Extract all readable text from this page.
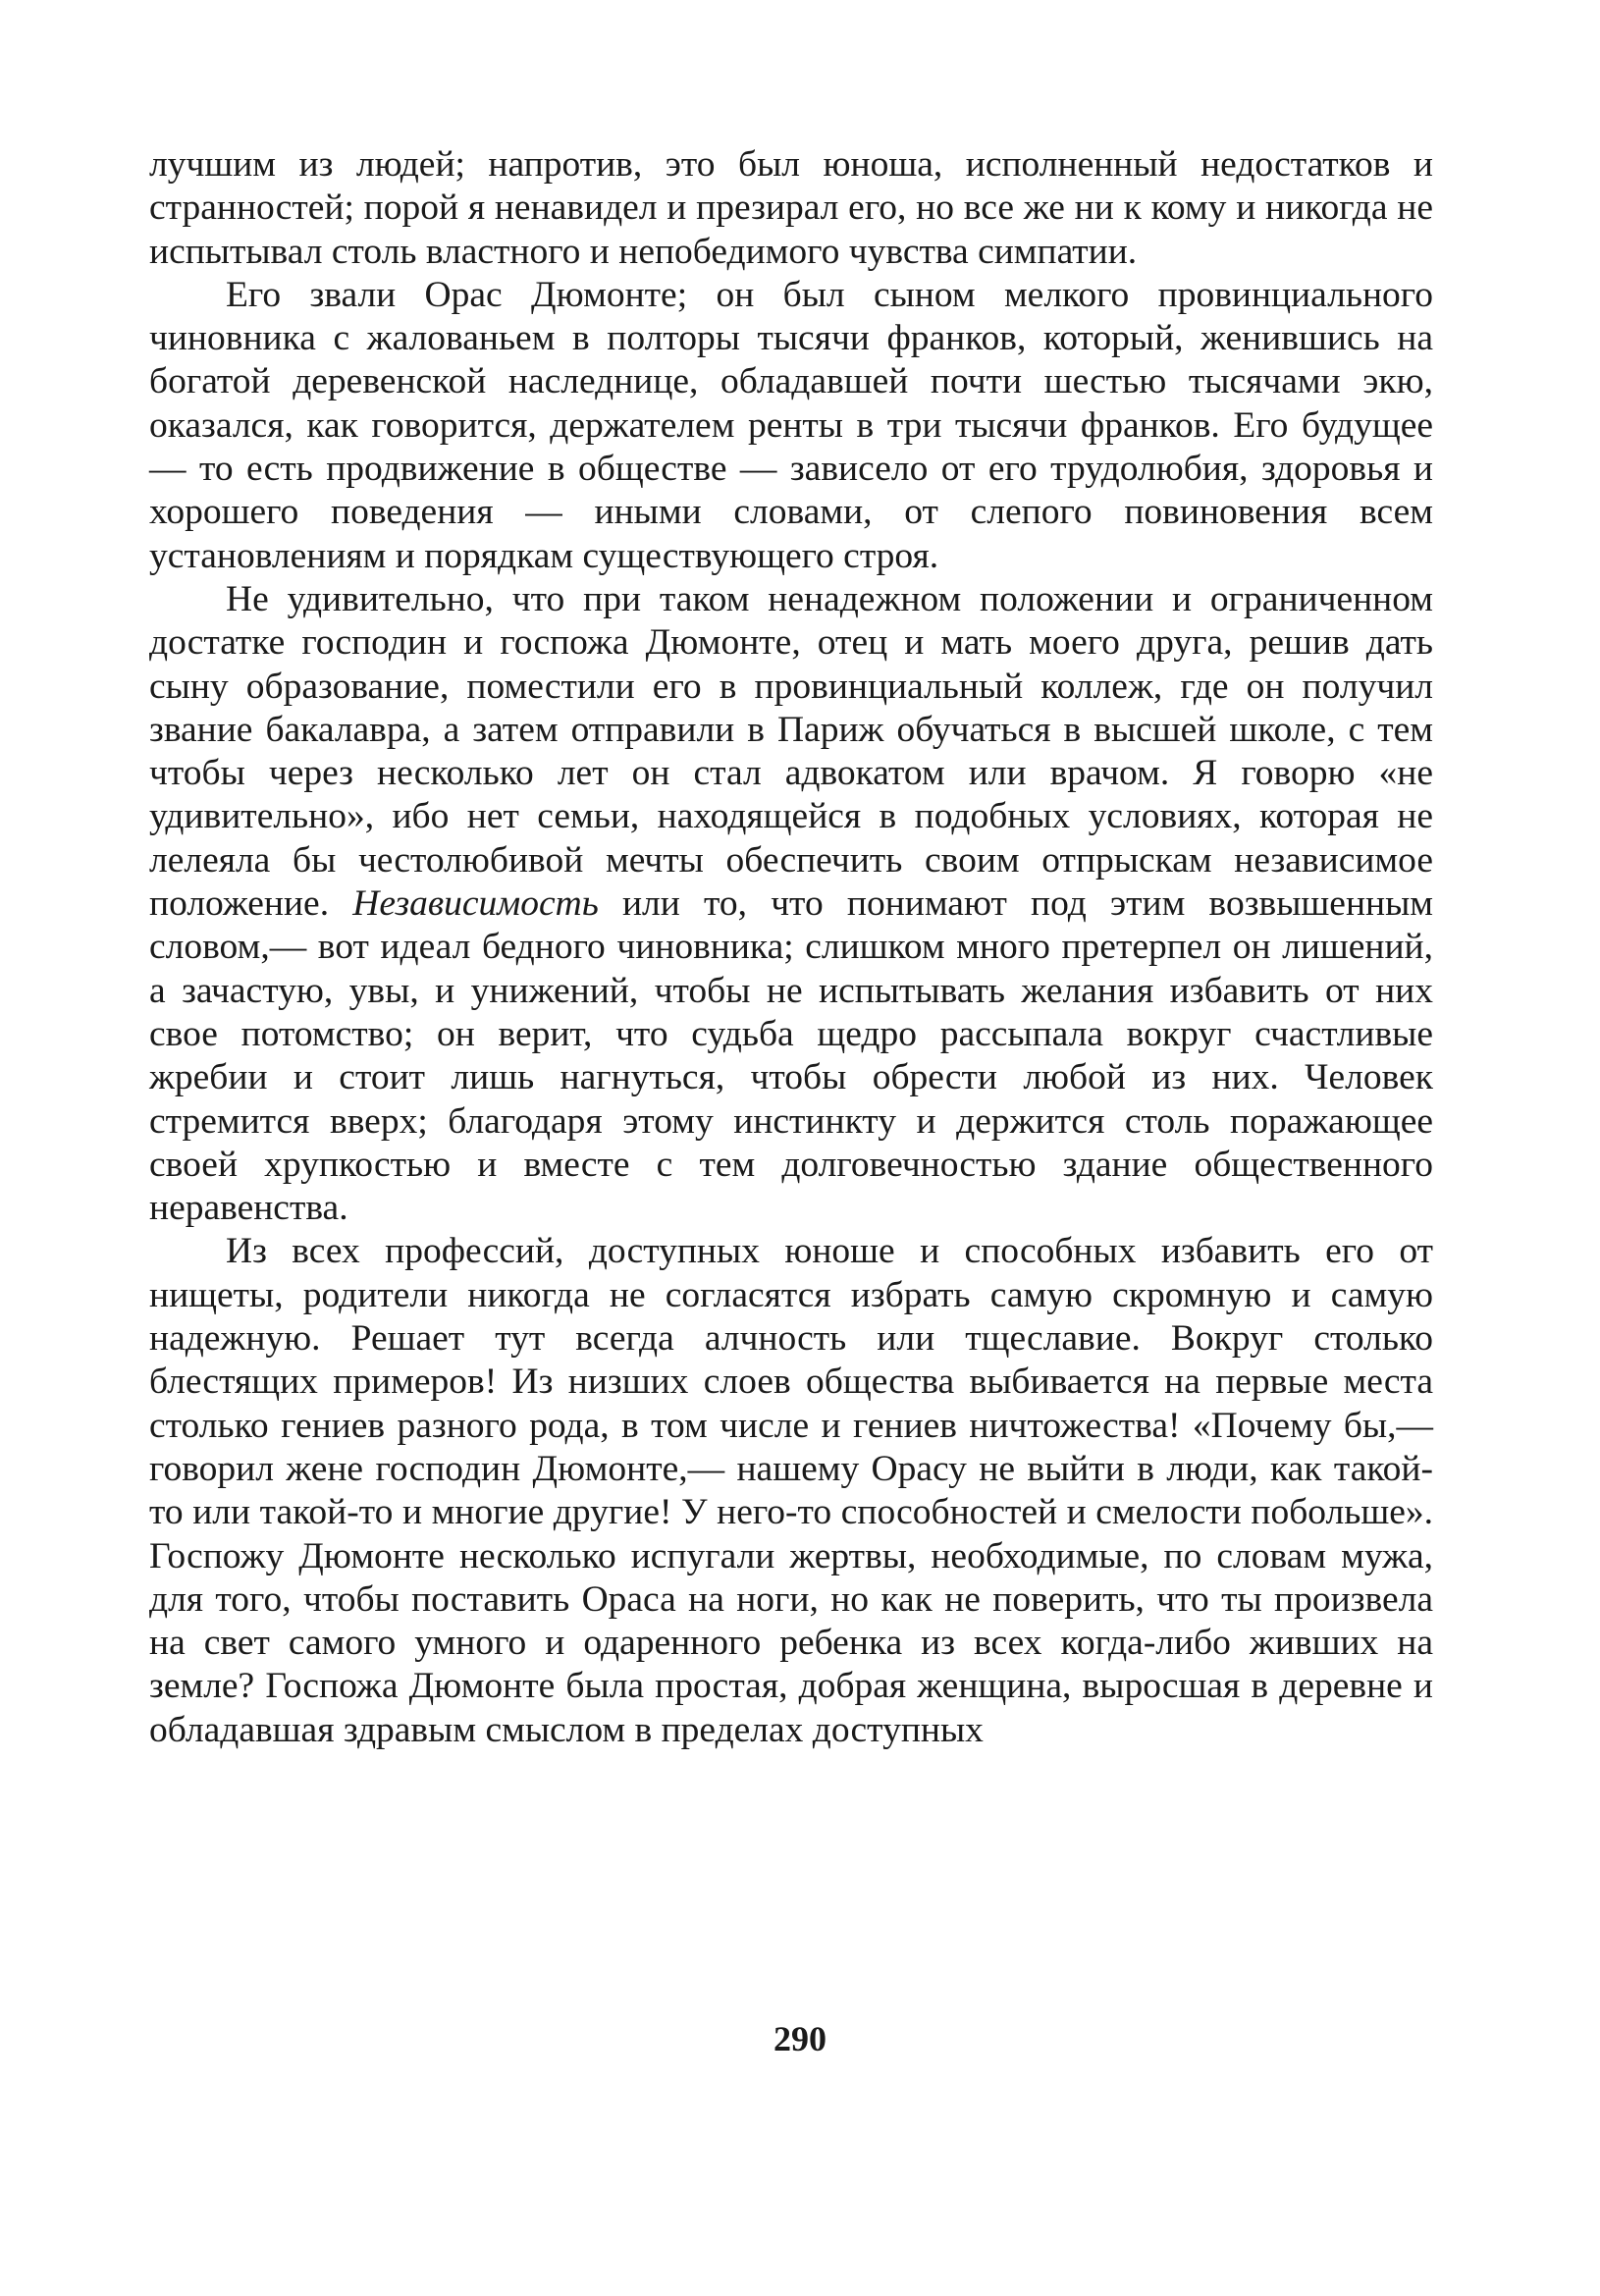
лучшим из людей; напротив, это был юноша, исполненный недостатков и странностей; порой я ненавидел и презирал его, но все же ни к кому и никогда не испытывал столь властного и непобедимого чувства симпатии.

Его звали Орас Дюмонте; он был сыном мелкого провинциального чиновника с жалованьем в полторы тысячи франков, который, женившись на богатой деревенской наследнице, обладавшей почти шестью тысячами экю, оказался, как говорится, держателем ренты в три тысячи франков. Его будущее — то есть продвижение в обществе — зависело от его трудолюбия, здоровья и хорошего поведения — иными словами, от слепого повиновения всем установлениям и порядкам существующего строя.

Не удивительно, что при таком ненадежном положении и ограниченном достатке господин и госпожа Дюмонте, отец и мать моего друга, решив дать сыну образование, поместили его в провинциальный коллеж, где он получил звание бакалавра, а затем отправили в Париж обучаться в высшей школе, с тем чтобы через несколько лет он стал адвокатом или врачом. Я говорю «не удивительно», ибо нет семьи, находящейся в подобных условиях, которая не лелеяла бы честолюбивой мечты обеспечить своим отпрыскам независимое положение. Независимость или то, что понимают под этим возвышенным словом,— вот идеал бедного чиновника; слишком много претерпел он лишений, а зачастую, увы, и унижений, чтобы не испытывать желания избавить от них свое потомство; он верит, что судьба щедро рассыпала вокруг счастливые жребии и стоит лишь нагнуться, чтобы обрести любой из них. Человек стремится вверх; благодаря этому инстинкту и держится столь поражающее своей хрупкостью и вместе с тем долговечностью здание общественного неравенства.

Из всех профессий, доступных юноше и способных избавить его от нищеты, родители никогда не согласятся избрать самую скромную и самую надежную. Решает тут всегда алчность или тщеславие. Вокруг столько блестящих примеров! Из низших слоев общества выбивается на первые места столько гениев разного рода, в том числе и гениев ничтожества! «Почему бы,— говорил жене господин Дюмонте,— нашему Орасу не выйти в люди, как такой-то или такой-то и многие другие! У него-то способностей и смелости побольше». Госпожу Дюмонте несколько испугали жертвы, необходимые, по словам мужа, для того, чтобы поставить Ораса на ноги, но как не поверить, что ты произвела на свет самого умного и одаренного ребенка из всех когда-либо живших на земле? Госпожа Дюмонте была простая, добрая женщина, выросшая в деревне и обладавшая здравым смыслом в пределах доступных

290
